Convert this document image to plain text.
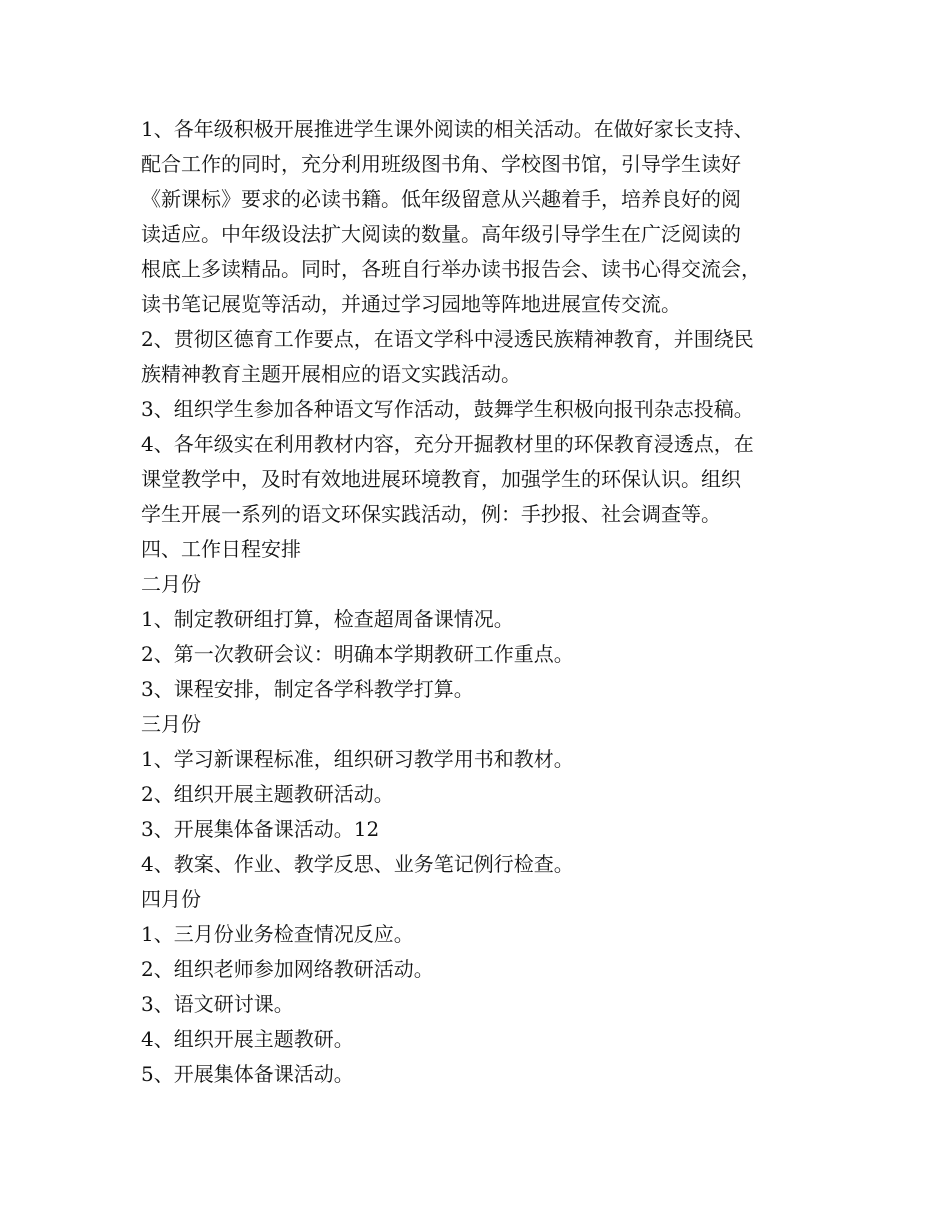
1、各年级积极开展推进学生课外阅读的相关活动。在做好家长支持、
配合工作的同时，充分利用班级图书角、学校图书馆，引导学生读好
《新课标》要求的必读书籍。低年级留意从兴趣着手，培养良好的阅
读适应。中年级设法扩大阅读的数量。高年级引导学生在广泛阅读的
根底上多读精品。同时，各班自行举办读书报告会、读书心得交流会，
读书笔记展览等活动，并通过学习园地等阵地进展宣传交流。
2、贯彻区德育工作要点，在语文学科中浸透民族精神教育，并围绕民
族精神教育主题开展相应的语文实践活动。
3、组织学生参加各种语文写作活动，鼓舞学生积极向报刊杂志投稿。
4、各年级实在利用教材内容，充分开掘教材里的环保教育浸透点，在
课堂教学中，及时有效地进展环境教育，加强学生的环保认识。组织
学生开展一系列的语文环保实践活动，例：手抄报、社会调查等。
四、工作日程安排
二月份
1、制定教研组打算，检查超周备课情况。
2、第一次教研会议：明确本学期教研工作重点。
3、课程安排，制定各学科教学打算。
三月份
1、学习新课程标准，组织研习教学用书和教材。
2、组织开展主题教研活动。
3、开展集体备课活动。12
4、教案、作业、教学反思、业务笔记例行检查。
四月份
1、三月份业务检查情况反应。
2、组织老师参加网络教研活动。
3、语文研讨课。
4、组织开展主题教研。
5、开展集体备课活动。
